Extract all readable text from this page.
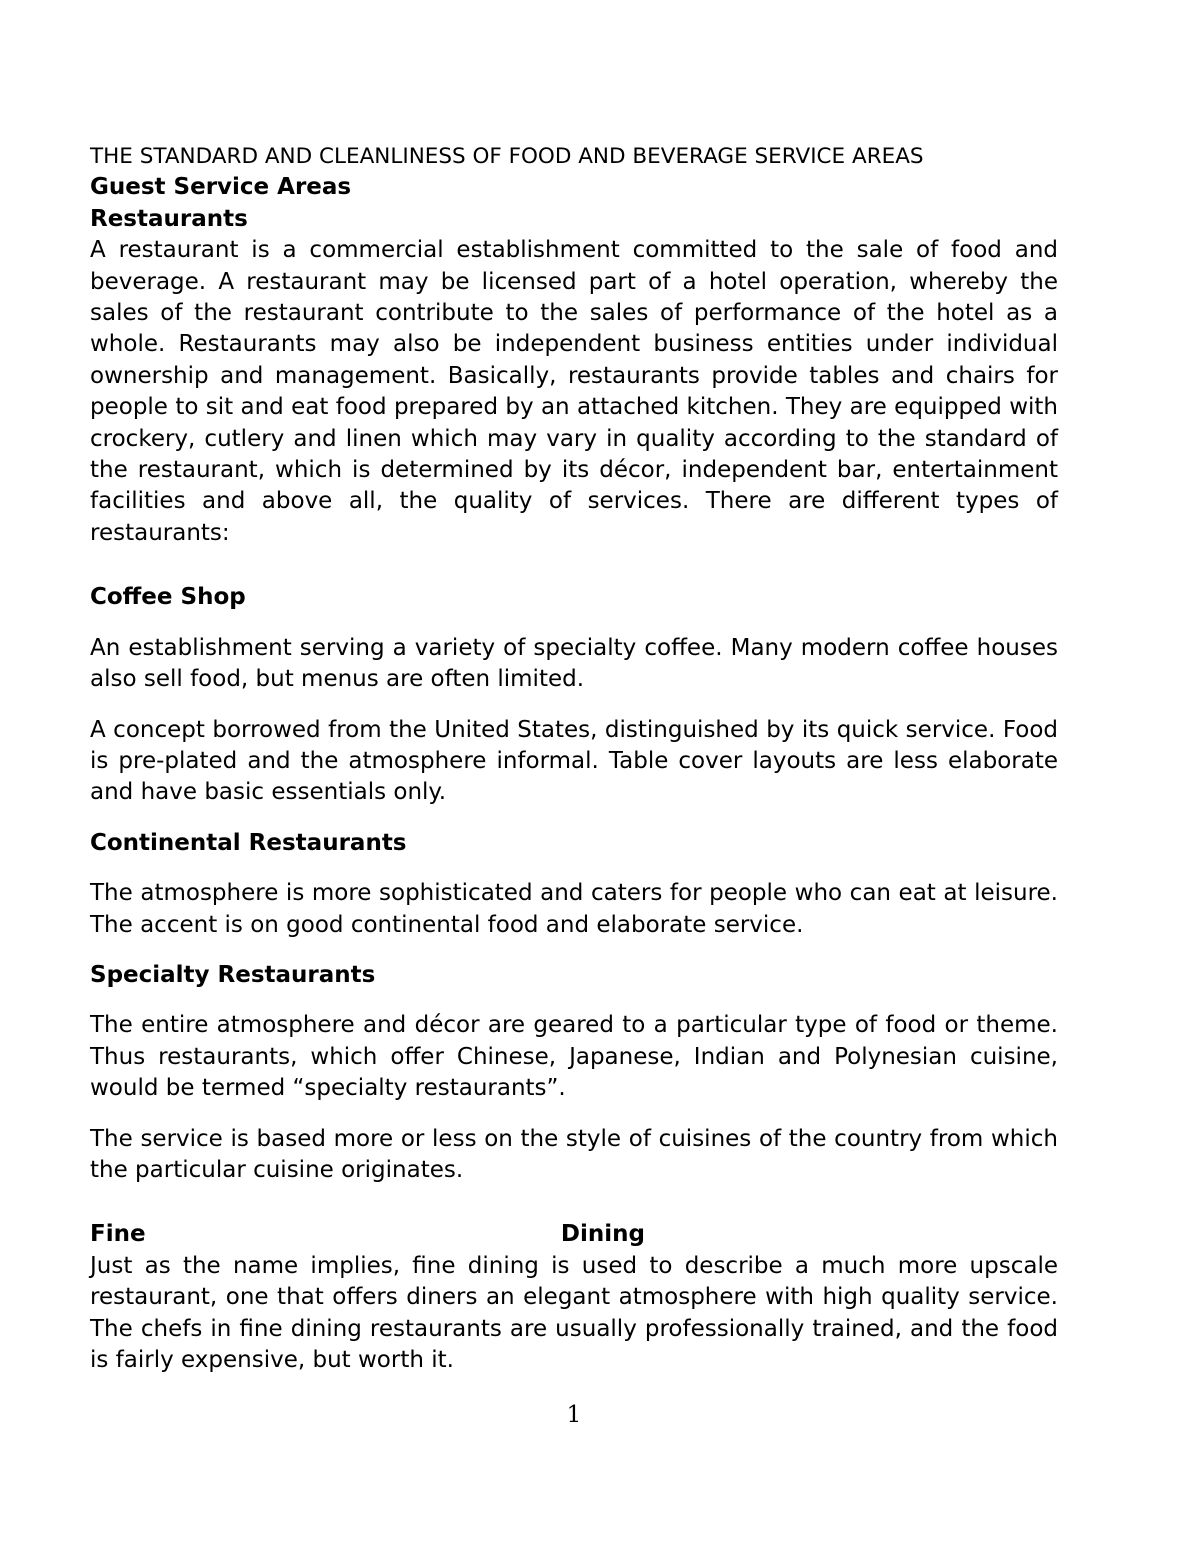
THE STANDARD AND CLEANLINESS OF FOOD AND BEVERAGE SERVICE AREAS

Guest Service Areas

Restaurants

A restaurant is a commercial establishment committed to the sale of food and beverage. A restaurant may be licensed part of a hotel operation, whereby the sales of the restaurant contribute to the sales of performance of the hotel as a whole. Restaurants may also be independent business entities under individual ownership and management. Basically, restaurants provide tables and chairs for people to sit and eat food prepared by an attached kitchen. They are equipped with crockery, cutlery and linen which may vary in quality according to the standard of the restaurant, which is determined by its décor, independent bar, entertainment facilities and above all, the quality of services. There are different types of restaurants:

Coffee Shop

An establishment serving a variety of specialty coffee. Many modern coffee houses also sell food, but menus are often limited.

A concept borrowed from the United States, distinguished by its quick service. Food is pre-plated and the atmosphere informal. Table cover layouts are less elaborate and have basic essentials only.

Continental Restaurants

The atmosphere is more sophisticated and caters for people who can eat at leisure. The accent is on good continental food and elaborate service.

Specialty Restaurants

The entire atmosphere and décor are geared to a particular type of food or theme. Thus restaurants, which offer Chinese, Japanese, Indian and Polynesian cuisine, would be termed “specialty restaurants”.

The service is based more or less on the style of cuisines of the country from which the particular cuisine originates.

Fine	Dining

Just as the name implies, fine dining is used to describe a much more upscale restaurant, one that offers diners an elegant atmosphere with high quality service. The chefs in fine dining restaurants are usually professionally trained, and the food is fairly expensive, but worth it.

1
